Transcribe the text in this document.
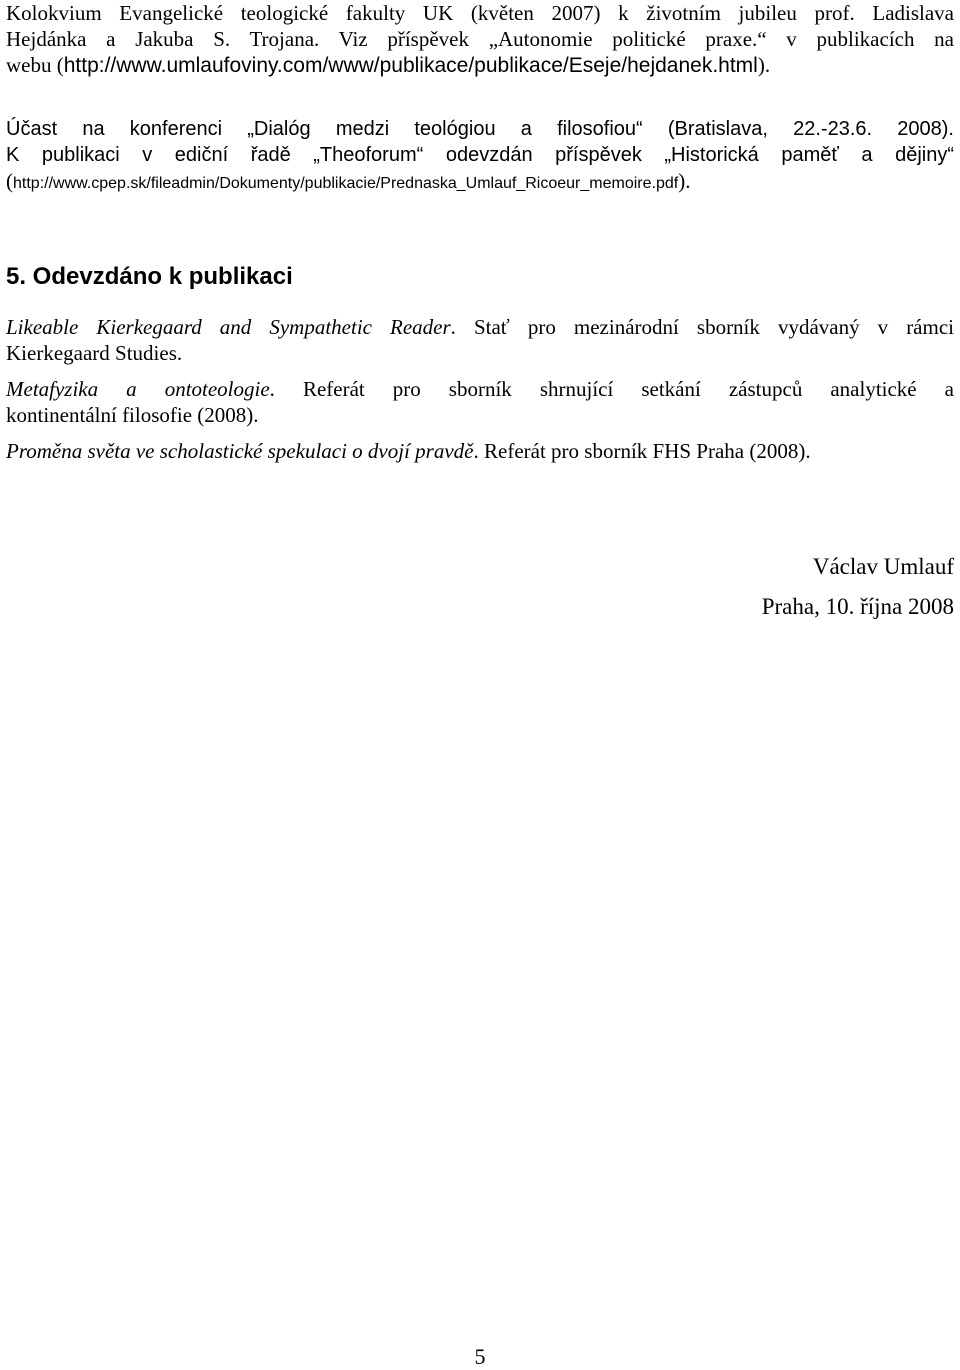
Kolokvium Evangelické teologické fakulty UK (květen 2007) k životním jubileu prof. Ladislava
Hejdánka a Jakuba S. Trojana. Viz příspěvek „Autonomie politické praxe.“ v publikacích na
webu (http://www.umlaufoviny.com/www/publikace/publikace/Eseje/hejdanek.html).

Účast na konferenci „Dialóg medzi teológiou a filosofiou“ (Bratislava, 22.-23.6. 2008).
K publikaci v ediční řadě „Theoforum“ odevzdán příspěvek „Historická paměť a dějiny“
(http://www.cpep.sk/fileadmin/Dokumenty/publikacie/Prednaska_Umlauf_Ricoeur_memoire.pdf).

5. Odevzdáno k publikaci

Likeable Kierkegaard and Sympathetic Reader. Stať pro mezinárodní sborník vydávaný v rámci
Kierkegaard Studies.

Metafyzika a ontoteologie. Referát pro sborník shrnující setkání zástupců analytické a
kontinentální filosofie (2008).

Proměna světa ve scholastické spekulaci o dvojí pravdě. Referát pro sborník FHS Praha (2008).

Václav Umlauf
Praha, 10. října 2008
5
